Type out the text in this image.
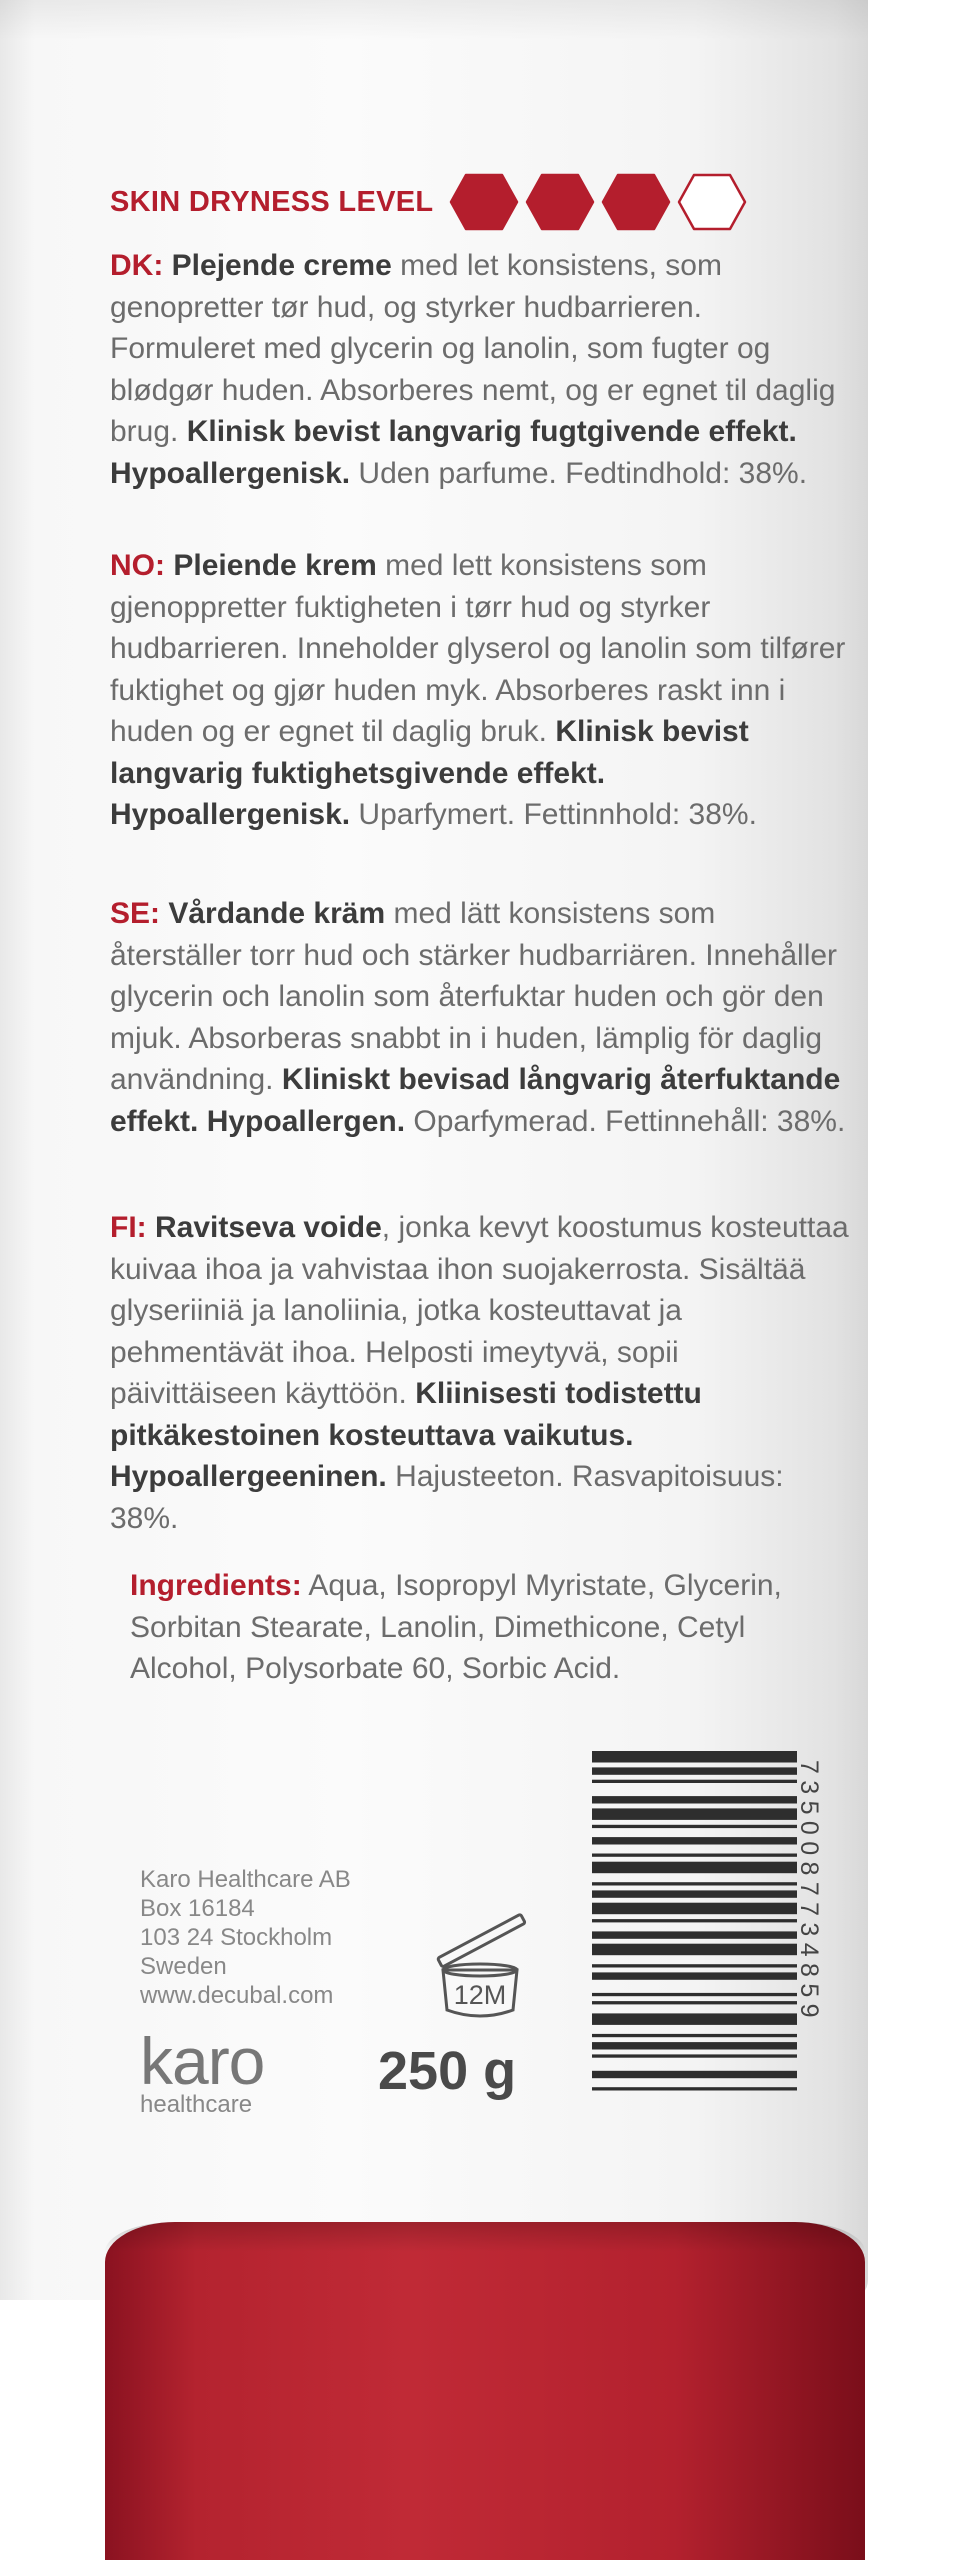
SKIN DRYNESS LEVEL
DK: Plejende creme med let konsistens, som genopretter tør hud, og styrker hudbarrieren. Formuleret med glycerin og lanolin, som fugter og blødgør huden. Absorberes nemt, og er egnet til daglig brug. Klinisk bevist langvarig fugtgivende effekt. Hypoallergenisk. Uden parfume. Fedtindhold: 38%.
NO: Pleiende krem med lett konsistens som gjenoppretter fuktigheten i tørr hud og styrker hudbarrieren. Inneholder glyserol og lanolin som tilfører fuktighet og gjør huden myk. Absorberes raskt inn i huden og er egnet til daglig bruk. Klinisk bevist langvarig fuktighetsgivende effekt. Hypoallergenisk. Uparfymert. Fettinnhold: 38%.
SE: Vårdande kräm med lätt konsistens som återställer torr hud och stärker hudbarriären. Innehåller glycerin och lanolin som återfuktar huden och gör den mjuk. Absorberas snabbt in i huden, lämplig för daglig användning. Kliniskt bevisad långvarig återfuktande effekt. Hypoallergen. Oparfymerad. Fettinnehåll: 38%.
FI: Ravitseva voide, jonka kevyt koostumus kosteuttaa kuivaa ihoa ja vahvistaa ihon suojakerrosta. Sisältää glyseriiniä ja lanoliinia, jotka kosteuttavat ja pehmentävät ihoa. Helposti imeytyvä, sopii päivittäiseen käyttöön. Kliinisesti todistettu pitkäkestoinen kosteuttava vaikutus. Hypoallergeeninen. Hajusteeton. Rasvapitoisuus: 38%.
Ingredients: Aqua, Isopropyl Myristate, Glycerin, Sorbitan Stearate, Lanolin, Dimethicone, Cetyl Alcohol, Polysorbate 60, Sorbic Acid.
Karo Healthcare AB
Box 16184
103 24 Stockholm
Sweden
www.decubal.com
karo
healthcare
12M
250 g
7350087734859
